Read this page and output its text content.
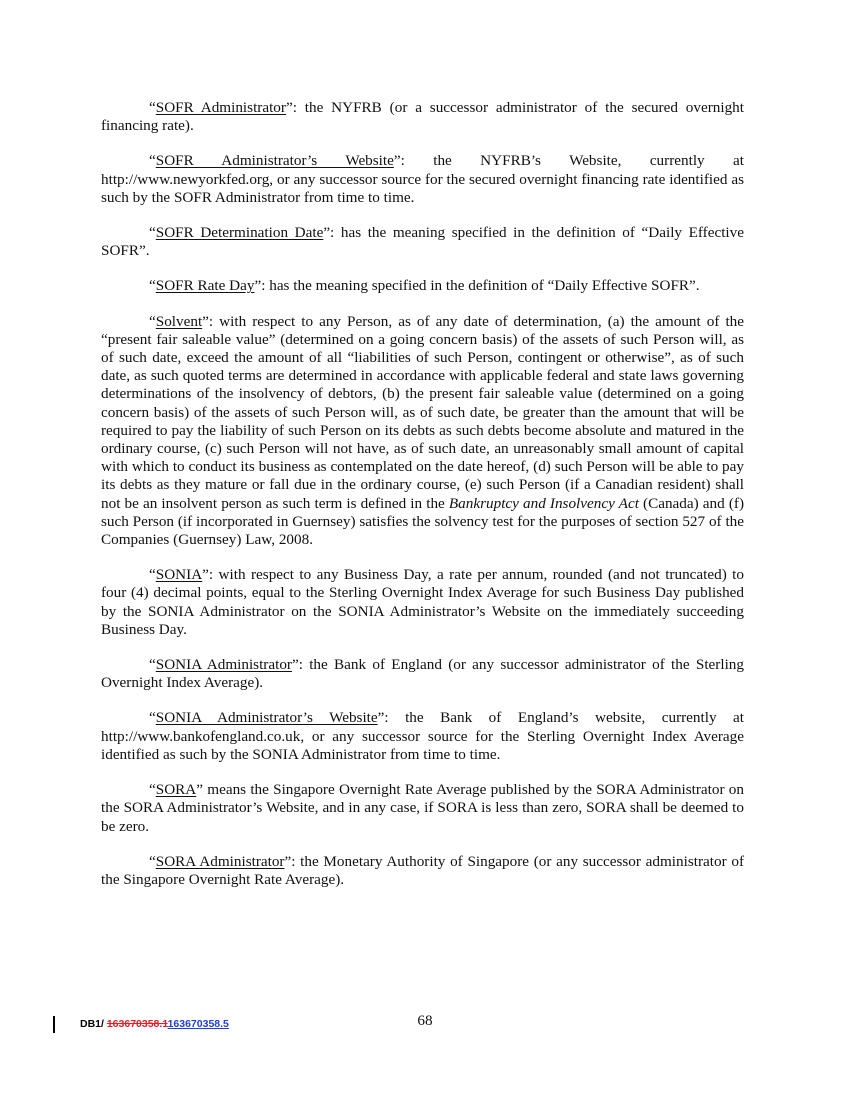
“SOFR Administrator”: the NYFRB (or a successor administrator of the secured overnight financing rate).

“SOFR Administrator’s Website”: the NYFRB’s Website, currently at http://www.newyorkfed.org, or any successor source for the secured overnight financing rate identified as such by the SOFR Administrator from time to time.

“SOFR Determination Date”: has the meaning specified in the definition of “Daily Effective SOFR”.

“SOFR Rate Day”: has the meaning specified in the definition of “Daily Effective SOFR”.

“Solvent”: with respect to any Person, as of any date of determination, (a) the amount of the “present fair saleable value” (determined on a going concern basis) of the assets of such Person will, as of such date, exceed the amount of all “liabilities of such Person, contingent or otherwise”, as of such date, as such quoted terms are determined in accordance with applicable federal and state laws governing determinations of the insolvency of debtors, (b) the present fair saleable value (determined on a going concern basis) of the assets of such Person will, as of such date, be greater than the amount that will be required to pay the liability of such Person on its debts as such debts become absolute and matured in the ordinary course, (c) such Person will not have, as of such date, an unreasonably small amount of capital with which to conduct its business as contemplated on the date hereof, (d) such Person will be able to pay its debts as they mature or fall due in the ordinary course, (e) such Person (if a Canadian resident) shall not be an insolvent person as such term is defined in the Bankruptcy and Insolvency Act (Canada) and (f) such Person (if incorporated in Guernsey) satisfies the solvency test for the purposes of section 527 of the Companies (Guernsey) Law, 2008.

“SONIA”: with respect to any Business Day, a rate per annum, rounded (and not truncated) to four (4) decimal points, equal to the Sterling Overnight Index Average for such Business Day published by the SONIA Administrator on the SONIA Administrator’s Website on the immediately succeeding Business Day.

“SONIA Administrator”: the Bank of England (or any successor administrator of the Sterling Overnight Index Average).

“SONIA Administrator’s Website”: the Bank of England’s website, currently at http://www.bankofengland.co.uk, or any successor source for the Sterling Overnight Index Average identified as such by the SONIA Administrator from time to time.

“SORA” means the Singapore Overnight Rate Average published by the SORA Administrator on the SORA Administrator’s Website, and in any case, if SORA is less than zero, SORA shall be deemed to be zero.

“SORA Administrator”: the Monetary Authority of Singapore (or any successor administrator of the Singapore Overnight Rate Average).

DB1/ 163670358.1163670358.5	68
